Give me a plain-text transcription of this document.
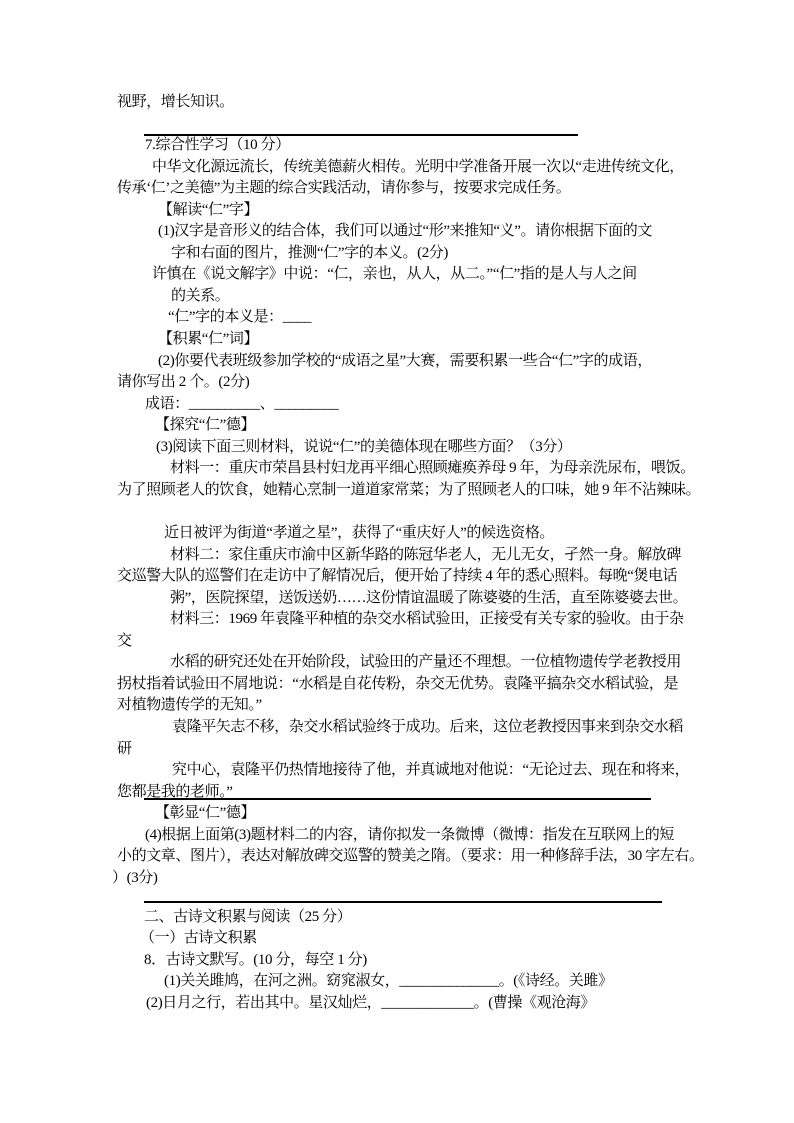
视野，增长知识。
7.综合性学习（10 分）
中华文化源远流长，传统美德薪火相传。光明中学准备开展一次以“走进传统文化，
传承‘仁’之美德”为主题的综合实践活动，请你参与，按要求完成任务。
【解读“仁”字】
(1)汉字是音形义的结合体，我们可以通过“形”来推知“义”。请你根据下面的文
字和右面的图片，推测“仁”字的本义。(2分)
许慎在《说文解字》中说：“仁，亲也，从人，从二。”“仁”指的是人与人之间
的关系。
“仁”字的本义是：____
【积累“仁”词】
(2)你要代表班级参加学校的“成语之星”大赛，需要积累一些合“仁”字的成语，
请你写出 2 个。(2分)
成语：__________、_________
【探究“仁”德】
(3)阅读下面三则材料，说说“仁”的美德体现在哪些方面？（3分）
材料一：重庆市荣昌县村妇龙再平细心照顾瘫痪养母 9 年，为母亲洗尿布，喂饭。
为了照顾老人的饮食，她精心烹制一道道家常菜；为了照顾老人的口味，她 9 年不沾辣味。
近日被评为街道“孝道之星”，获得了“重庆好人”的候选资格。
材料二：家住重庆市渝中区新华路的陈冠华老人，无儿无女，孑然一身。解放碑
交巡警大队的巡警们在走访中了解情况后，便开始了持续 4 年的悉心照料。每晚“煲电话
粥”，医院探望，送饭送奶……这份情谊温暖了陈婆婆的生活，直至陈婆婆去世。
材料三：1969 年袁隆平种植的杂交水稻试验田，正接受有关专家的验收。由于杂
交
水稻的研究还处在开始阶段，试验田的产量还不理想。一位植物遗传学老教授用
拐杖指着试验田不屑地说：“水稻是自花传粉，杂交无优势。袁隆平搞杂交水稻试验，是
对植物遗传学的无知。”
袁隆平矢志不移，杂交水稻试验终于成功。后来，这位老教授因事来到杂交水稻
研
究中心，袁隆平仍热情地接待了他，并真诚地对他说：“无论过去、现在和将来，
您都是我的老师。”
【彰显“仁”德】
(4)根据上面第(3)题材料二的内容，请你拟发一条微博（微博：指发在互联网上的短
小的文章、图片），表达对解放碑交巡警的赞美之隋。（要求：用一种修辞手法，30 字左右。
）(3分)
二、古诗文积累与阅读（25 分）
（一）古诗文积累
8．古诗文默写。(10 分，每空 1 分)
(1)关关雎鸠，在河之洲。窈窕淑女，______________。(《诗经。关雎》
(2)日月之行，若出其中。星汉灿烂，_____________。(曹操《观沧海》
